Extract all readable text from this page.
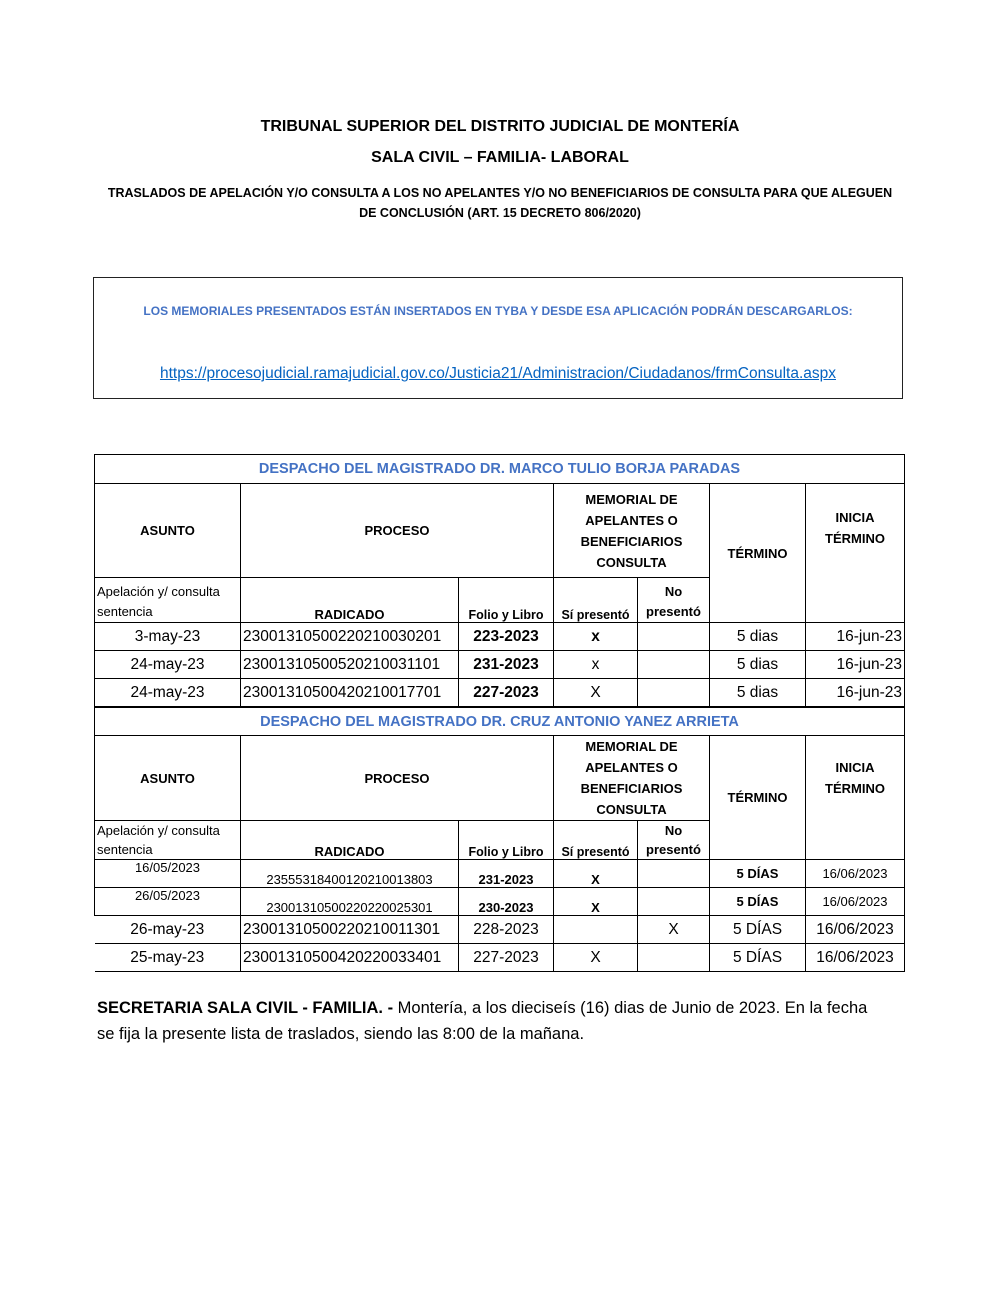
TRIBUNAL SUPERIOR DEL DISTRITO JUDICIAL DE MONTERÍA
SALA CIVIL – FAMILIA- LABORAL
TRASLADOS DE APELACIÓN Y/O CONSULTA A LOS NO APELANTES Y/O NO BENEFICIARIOS DE CONSULTA PARA QUE ALEGUEN DE CONCLUSIÓN (ART. 15 DECRETO 806/2020)
LOS MEMORIALES PRESENTADOS ESTÁN INSERTADOS EN TYBA Y DESDE ESA APLICACIÓN PODRÁN DESCARGARLOS:
https://procesojudicial.ramajudicial.gov.co/Justicia21/Administracion/Ciudadanos/frmConsulta.aspx
DESPACHO DEL MAGISTRADO DR. MARCO TULIO BORJA PARADAS						
ASUNTO	PROCESO		MEMORIAL DE APELANTES O BENEFICIARIOS CONSULTA		TÉRMINO	INICIA TÉRMINO
Apelación y/ consulta sentencia	RADICADO	Folio y Libro	Sí presentó	No presentó		
3-may-23	23001310500220210030201	223-2023	x		5 dias	16-jun-23
24-may-23	23001310500520210031101	231-2023	x		5 dias	16-jun-23
24-may-23	23001310500420210017701	227-2023	X		5 dias	16-jun-23
DESPACHO DEL MAGISTRADO DR. CRUZ ANTONIO YANEZ ARRIETA						
ASUNTO	PROCESO		MEMORIAL DE APELANTES O BENEFICIARIOS CONSULTA		TÉRMINO	INICIA TÉRMINO
Apelación y/ consulta sentencia	RADICADO	Folio y Libro	Sí presentó	No presentó		
16/05/2023	23555318400120210013803	231-2023	X		5 DÍAS	16/06/2023
26/05/2023	23001310500220220025301	230-2023	X		5 DÍAS	16/06/2023
26-may-23	23001310500220210011301	228-2023		X	5 DÍAS	16/06/2023
25-may-23	23001310500420220033401	227-2023	X		5 DÍAS	16/06/2023
SECRETARIA SALA CIVIL - FAMILIA. - Montería, a los dieciseís (16) dias de Junio de 2023. En la fecha se fija la presente lista de traslados, siendo las 8:00 de la mañana.
